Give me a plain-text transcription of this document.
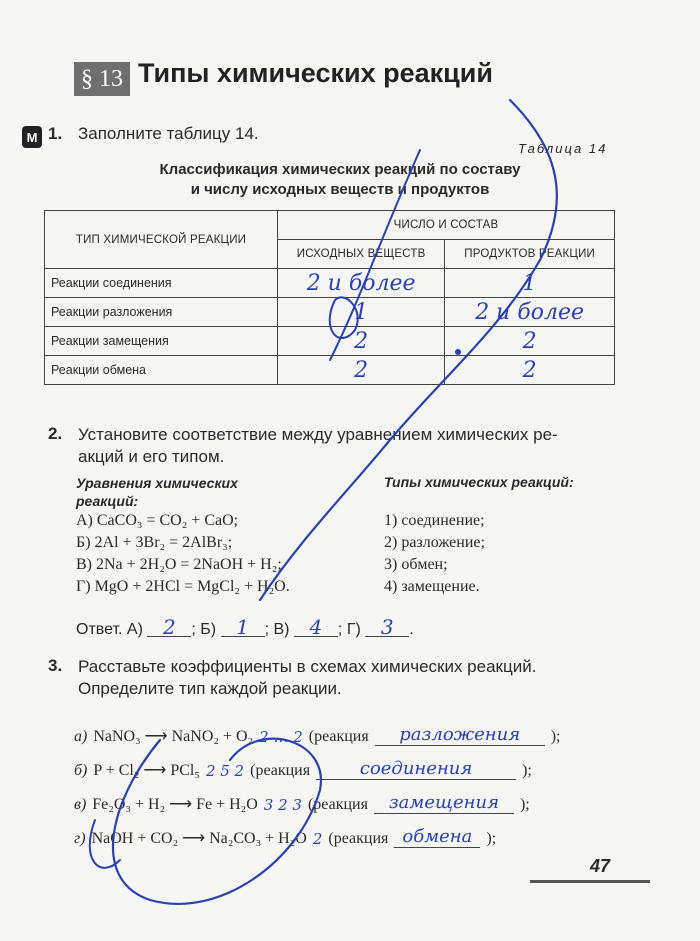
§ 13 Типы химических реакций
М 1. Заполните таблицу 14.
Таблица 14
Классификация химических реакций по составу
и числу исходных веществ и продуктов
ТИП ХИМИЧЕСКОЙ РЕАКЦИИ	ЧИСЛО И СОСТАВ	
	ИСХОДНЫХ ВЕЩЕСТВ	ПРОДУКТОВ РЕАКЦИИ
Реакции соединения	2 и более	1
Реакции разложения	1	2 и более
Реакции замещения	2	2
Реакции обмена	2	2
2. Установите соответствие между уравнением химических ре-
акций и его типом.
Уравнения химических
реакций:
Типы химических реакций:
А) CaCO₃ = CO₂ + CaO;
Б) 2Al + 3Br₂ = 2AlBr₃;
В) 2Na + 2H₂O = 2NaOH + H₂;
Г) MgO + 2HCl = MgCl₂ + H₂O.
1) соединение;
2) разложение;
3) обмен;
4) замещение.
Ответ. А) 2 ; Б) 1 ; В) 4 ; Г) 3 .
3. Расставьте коэффициенты в схемах химических реакций.
Определите тип каждой реакции.
а) NaNO₃ ⟶ NaNO₂ + O₂ 2 … 2 (реакция	разложения	);
б) P + Cl₂ ⟶ PCl₅ 2 5 2 (реакция	соединения	);
в) Fe₂O₃ + H₂ ⟶ Fe + H₂O 3 2 3 (реакция	замещения	);
г) NaOH + CO₂ ⟶ Na₂CO₃ + H₂O 2 (реакция обмена );
47
